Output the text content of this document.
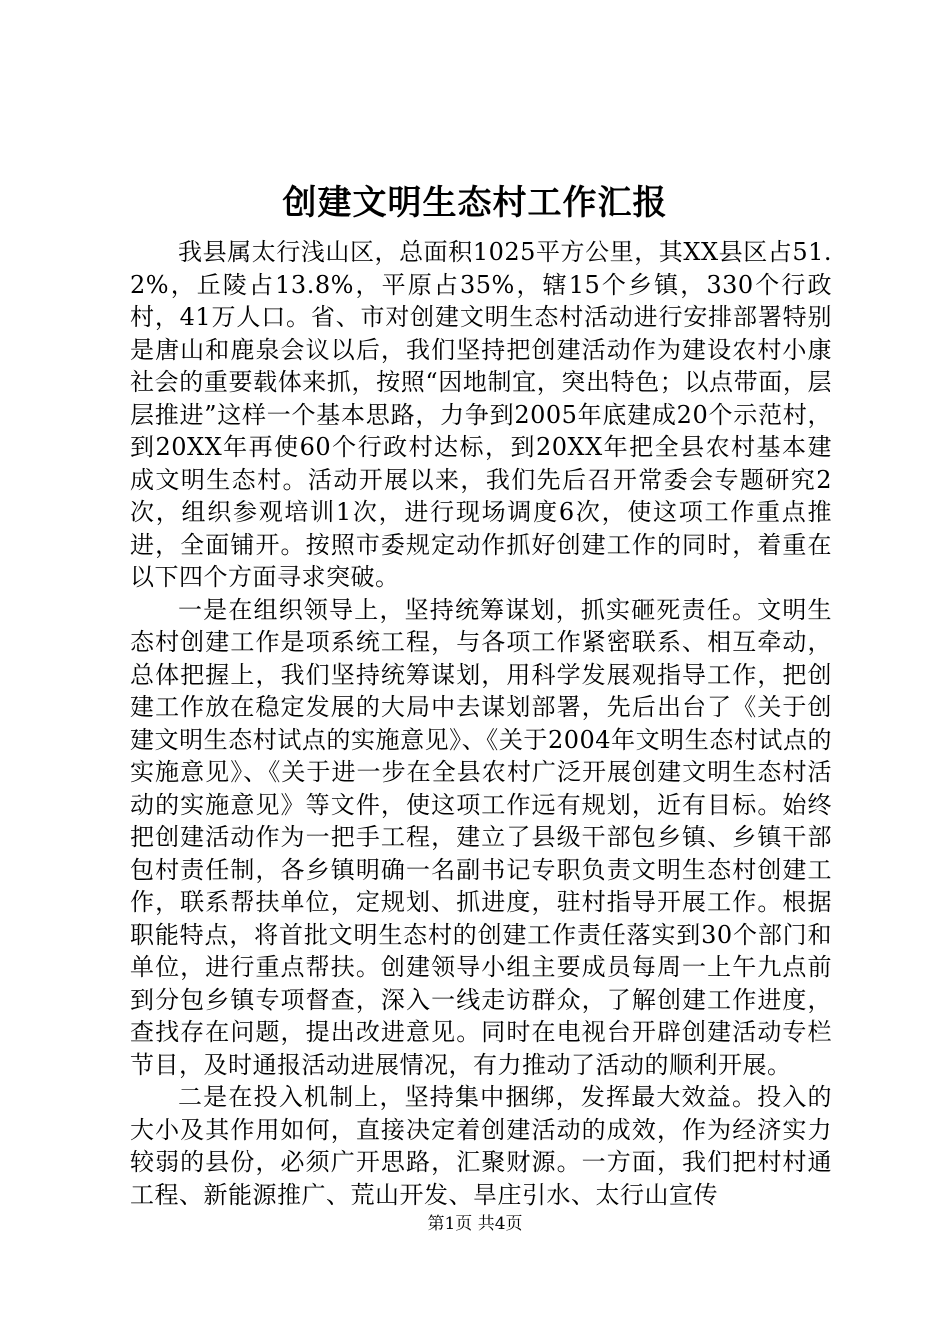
创建文明生态村工作汇报

我县属太行浅山区，总面积1025平方公里，其XX县区占51.2%，丘陵占13.8%，平原占35%，辖15个乡镇，330个行政村，41万人口。省、市对创建文明生态村活动进行安排部署特别是唐山和鹿泉会议以后，我们坚持把创建活动作为建设农村小康社会的重要载体来抓，按照“因地制宜，突出特色；以点带面，层层推进”这样一个基本思路，力争到2005年底建成20个示范村，到20XX年再使60个行政村达标，到20XX年把全县农村基本建成文明生态村。活动开展以来，我们先后召开常委会专题研究2次，组织参观培训1次，进行现场调度6次，使这项工作重点推进，全面铺开。按照市委规定动作抓好创建工作的同时，着重在以下四个方面寻求突破。

一是在组织领导上，坚持统筹谋划，抓实砸死责任。文明生态村创建工作是项系统工程，与各项工作紧密联系、相互牵动，总体把握上，我们坚持统筹谋划，用科学发展观指导工作，把创建工作放在稳定发展的大局中去谋划部署，先后出台了《关于创建文明生态村试点的实施意见》、《关于2004年文明生态村试点的实施意见》、《关于进一步在全县农村广泛开展创建文明生态村活动的实施意见》等文件，使这项工作远有规划，近有目标。始终把创建活动作为一把手工程，建立了县级干部包乡镇、乡镇干部包村责任制，各乡镇明确一名副书记专职负责文明生态村创建工作，联系帮扶单位，定规划、抓进度，驻村指导开展工作。根据职能特点，将首批文明生态村的创建工作责任落实到30个部门和单位，进行重点帮扶。创建领导小组主要成员每周一上午九点前到分包乡镇专项督查，深入一线走访群众，了解创建工作进度，查找存在问题，提出改进意见。同时在电视台开辟创建活动专栏节目，及时通报活动进展情况，有力推动了活动的顺利开展。

二是在投入机制上，坚持集中捆绑，发挥最大效益。投入的大小及其作用如何，直接决定着创建活动的成效，作为经济实力较弱的县份，必须广开思路，汇聚财源。一方面，我们把村村通工程、新能源推广、荒山开发、旱庄引水、太行山宣传

第1页 共4页
